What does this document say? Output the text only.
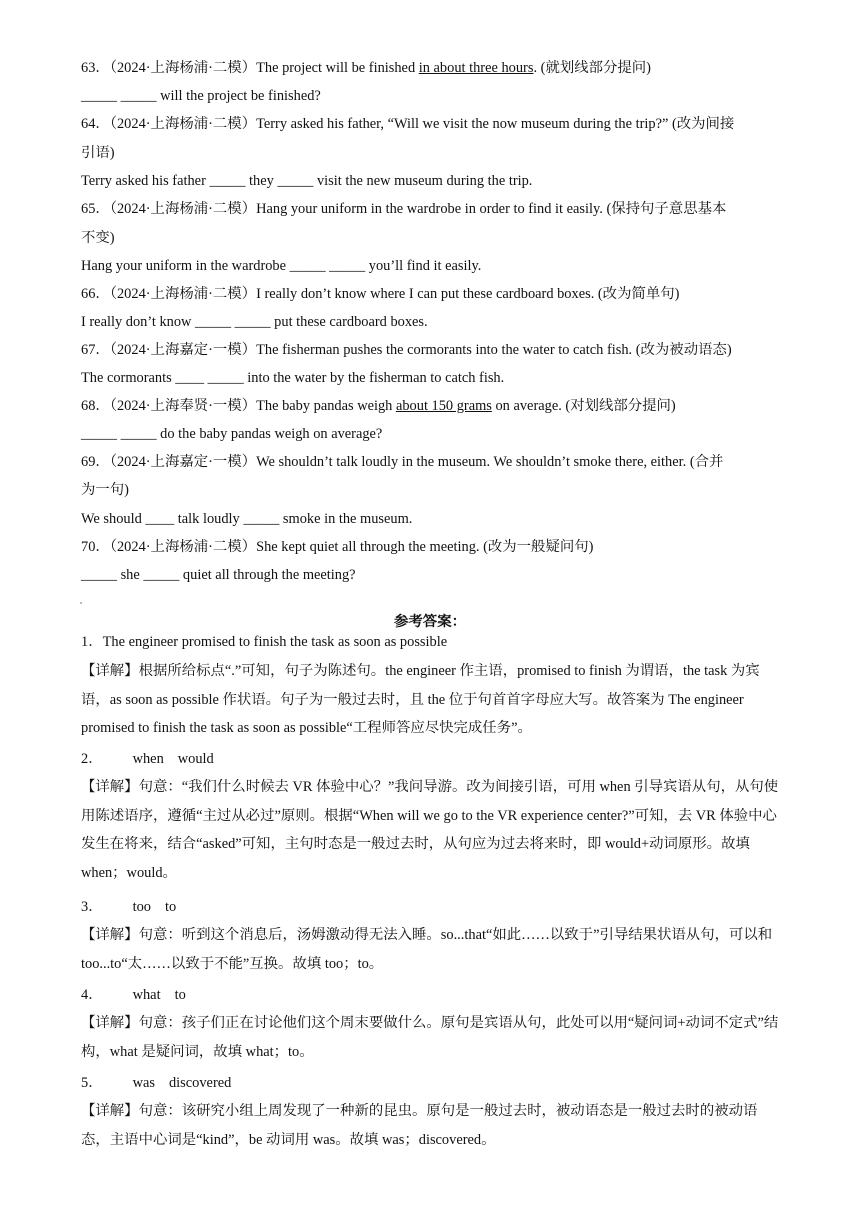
63．（2024·上海杨浦·二模）The project will be finished in about three hours. (就划线部分提问)
_____ _____ will the project be finished?
64．（2024·上海杨浦·二模）Terry asked his father, “Will we visit the now museum during the trip?” (改为间接
引语)
Terry asked his father _____ they _____ visit the new museum during the trip.
65．（2024·上海杨浦·二模）Hang your uniform in the wardrobe in order to find it easily. (保持句子意思基本
不变)
Hang your uniform in the wardrobe _____ _____ you’ll find it easily.
66．（2024·上海杨浦·二模）I really don’t know where I can put these cardboard boxes. (改为简单句)
I really don’t know _____ _____ put these cardboard boxes.
67．（2024·上海嘉定·一模）The fisherman pushes the cormorants into the water to catch fish. (改为被动语态)
The cormorants ____ _____ into the water by the fisherman to catch fish.
68．（2024·上海奉贤·一模）The baby pandas weigh about 150 grams on average. (对划线部分提问)
_____ _____ do the baby pandas weigh on average?
69．（2024·上海嘉定·一模）We shouldn’t talk loudly in the museum. We shouldn’t smoke there, either. (合并
为一句)
We should ____ talk loudly _____ smoke in the museum.
70．（2024·上海杨浦·二模）She kept quiet all through the meeting. (改为一般疑问句)
_____ she _____ quiet all through the meeting?
参考答案：
1．The engineer promised to finish the task as soon as possible
【详解】根据所给标点“.”可知，句子为陈述句。the engineer 作主语，promised to finish 为谓语，the task 为宾语，as soon as possible 作状语。句子为一般过去时，且 the 位于句首首字母应大写。故答案为 The engineer promised to finish the task as soon as possible“工程师答应尽快完成任务”。
2． when would
【详解】句意：“我们什么时候去 VR 体验中心？”我问导游。改为间接引语，可用 when 引导宾语从句，从句使用陈述语序，遵循“主过从必过”原则。根据“When will we go to the VR experience center?”可知，去 VR 体验中心发生在将来，结合“asked”可知，主句时态是一般过去时，从句应为过去将来时，即 would+动词原形。故填 when；would。
3． too to
【详解】句意：听到这个消息后，汤姆激动得无法入睡。so...that“如此……以致于”引导结果状语从句，可以和 too...to“太……以致于不能”互换。故填 too；to。
4． what to
【详解】句意：孩子们正在讨论他们这个周末要做什么。原句是宾语从句，此处可以用“疑问词+动词不定式”结构，what 是疑问词，故填 what；to。
5． was discovered
【详解】句意：该研究小组上周发现了一种新的昆虫。原句是一般过去时，被动语态是一般过去时的被动语态，主语中心词是“kind”，be 动词用 was。故填 was；discovered。
